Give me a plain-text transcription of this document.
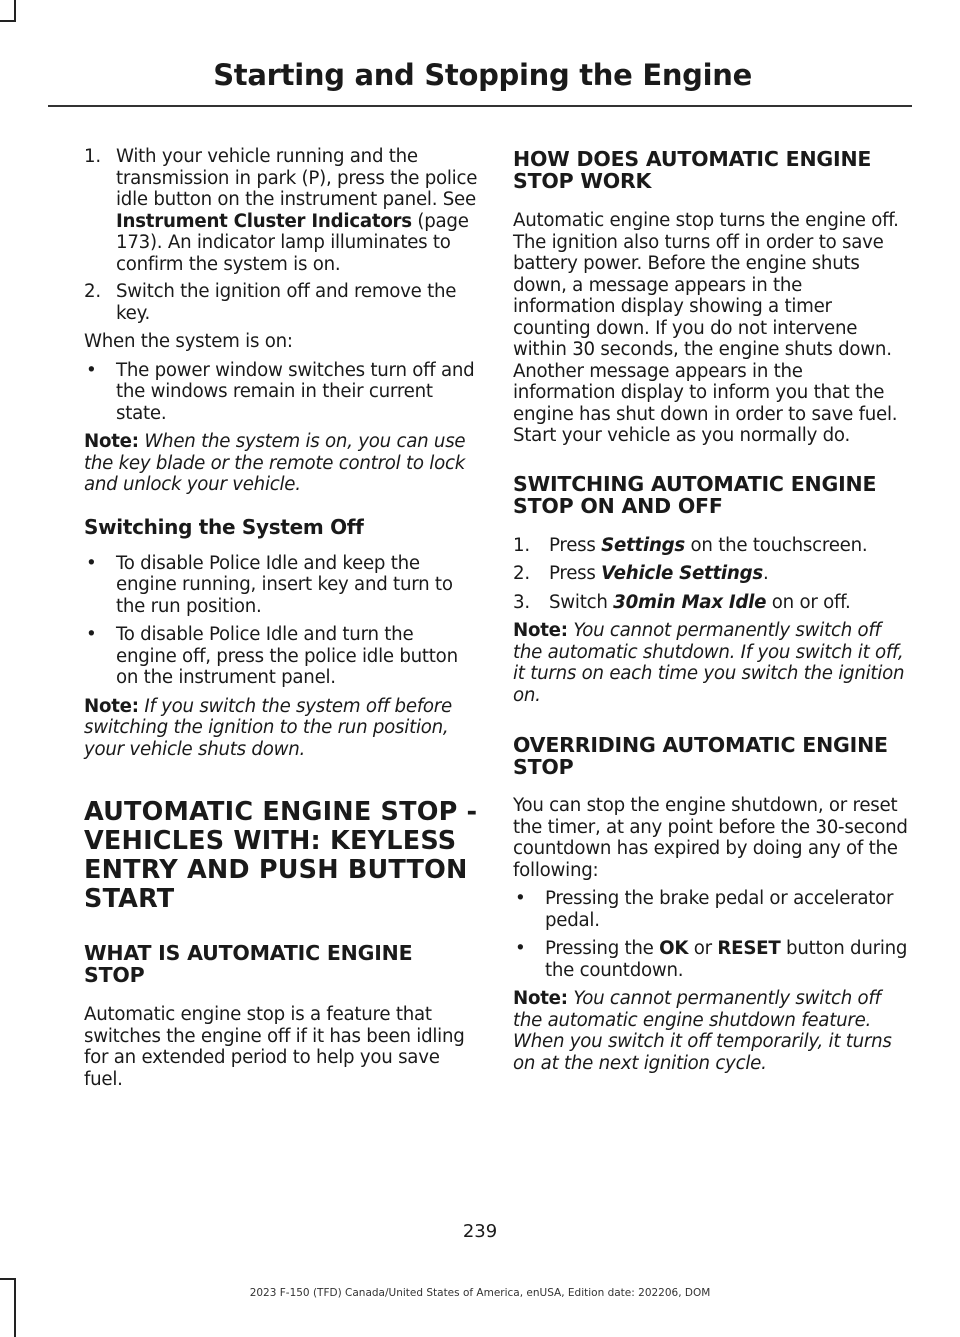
Starting and Stopping the Engine
1. With your vehicle running and the transmission in park (P), press the police idle button on the instrument panel. See Instrument Cluster Indicators (page 173). An indicator lamp illuminates to confirm the system is on.
2. Switch the ignition off and remove the key.

When the system is on:

• The power window switches turn off and the windows remain in their current state.
Note: When the system is on, you can use the key blade or the remote control to lock and unlock your vehicle.
Switching the System Off
• To disable Police Idle and keep the engine running, insert key and turn to the run position.
• To disable Police Idle and turn the engine off, press the police idle button on the instrument panel.
Note: If you switch the system off before switching the ignition to the run position, your vehicle shuts down.
AUTOMATIC ENGINE STOP -
VEHICLES WITH: KEYLESS
ENTRY AND PUSH BUTTON
START
WHAT IS AUTOMATIC ENGINE STOP

Automatic engine stop is a feature that switches the engine off if it has been idling for an extended period to help you save fuel.

HOW DOES AUTOMATIC ENGINE STOP WORK

Automatic engine stop turns the engine off. The ignition also turns off in order to save battery power. Before the engine shuts down, a message appears in the information display showing a timer counting down. If you do not intervene within 30 seconds, the engine shuts down. Another message appears in the information display to inform you that the engine has shut down in order to save fuel. Start your vehicle as you normally do.

SWITCHING AUTOMATIC ENGINE STOP ON AND OFF
1. Press Settings on the touchscreen.
2. Press Vehicle Settings.
3. Switch 30min Max Idle on or off.
Note: You cannot permanently switch off the automatic shutdown. If you switch it off, it turns on each time you switch the ignition on.
OVERRIDING AUTOMATIC ENGINE STOP

You can stop the engine shutdown, or reset the timer, at any point before the 30-second countdown has expired by doing any of the following:

• Pressing the brake pedal or accelerator pedal.
• Pressing the OK or RESET button during the countdown.
Note: You cannot permanently switch off the automatic engine shutdown feature. When you switch it off temporarily, it turns on at the next ignition cycle.
239
2023 F-150 (TFD) Canada/United States of America, enUSA, Edition date: 202206, DOM
